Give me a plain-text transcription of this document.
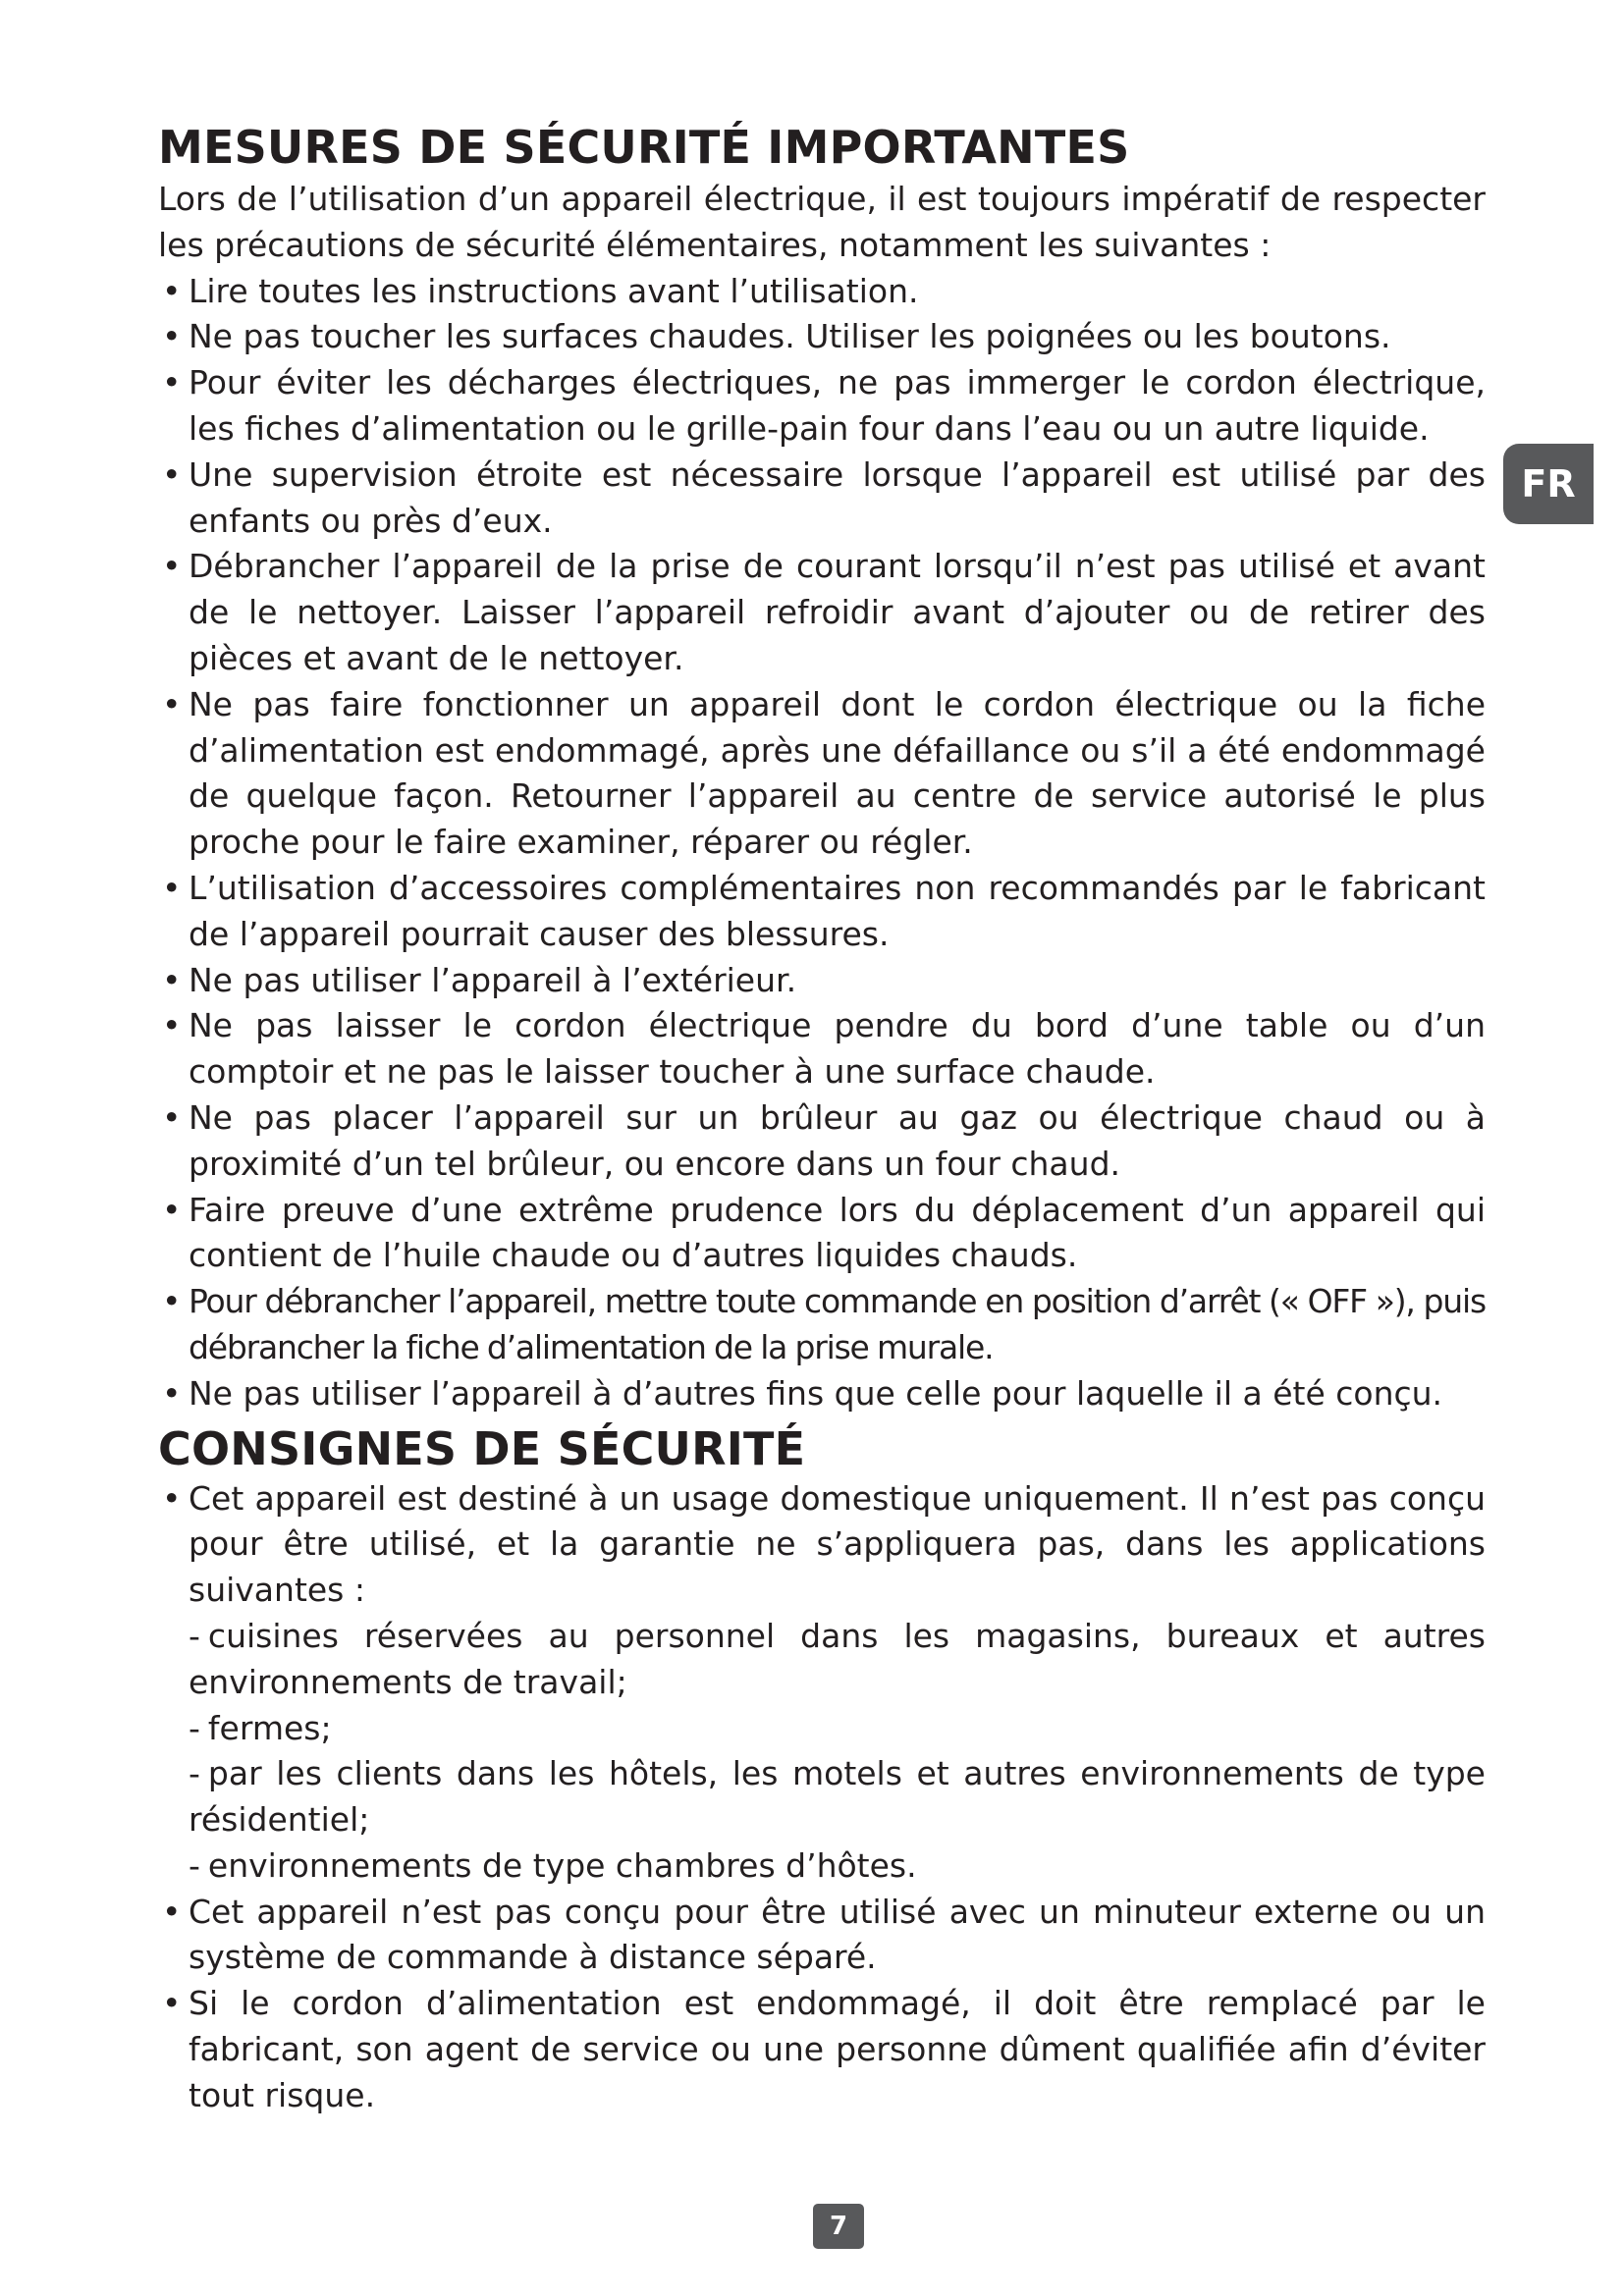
MESURES DE SÉCURITÉ IMPORTANTES

Lors de l’utilisation d’un appareil électrique, il est toujours impératif de respecter les précautions de sécurité élémentaires, notamment les suivantes :

• Lire toutes les instructions avant l’utilisation.
• Ne pas toucher les surfaces chaudes. Utiliser les poignées ou les boutons.
• Pour éviter les décharges électriques, ne pas immerger le cordon électrique, les fiches d’alimentation ou le grille-pain four dans l’eau ou un autre liquide.
• Une supervision étroite est nécessaire lorsque l’appareil est utilisé par des enfants ou près d’eux.
• Débrancher l’appareil de la prise de courant lorsqu’il n’est pas utilisé et avant de le nettoyer. Laisser l’appareil refroidir avant d’ajouter ou de retirer des pièces et avant de le nettoyer.
• Ne pas faire fonctionner un appareil dont le cordon électrique ou la fiche d’alimentation est endommagé, après une défaillance ou s’il a été endommagé de quelque façon. Retourner l’appareil au centre de service autorisé le plus proche pour le faire examiner, réparer ou régler.
• L’utilisation d’accessoires complémentaires non recommandés par le fabricant de l’appareil pourrait causer des blessures.
• Ne pas utiliser l’appareil à l’extérieur.
• Ne pas laisser le cordon électrique pendre du bord d’une table ou d’un comptoir et ne pas le laisser toucher à une surface chaude.
• Ne pas placer l’appareil sur un brûleur au gaz ou électrique chaud ou à proximité d’un tel brûleur, ou encore dans un four chaud.
• Faire preuve d’une extrême prudence lors du déplacement d’un appareil qui contient de l’huile chaude ou d’autres liquides chauds.
• Pour débrancher l’appareil, mettre toute commande en position d’arrêt (« OFF »), puis débrancher la fiche d’alimentation de la prise murale.
• Ne pas utiliser l’appareil à d’autres fins que celle pour laquelle il a été conçu.
CONSIGNES DE SÉCURITÉ
• Cet appareil est destiné à un usage domestique uniquement. Il n’est pas conçu pour être utilisé, et la garantie ne s’appliquera pas, dans les applications suivantes :
- cuisines réservées au personnel dans les magasins, bureaux et autres environnements de travail;
- fermes;
- par les clients dans les hôtels, les motels et autres environnements de type résidentiel;
- environnements de type chambres d’hôtes.
• Cet appareil n’est pas conçu pour être utilisé avec un minuteur externe ou un système de commande à distance séparé.
• Si le cordon d’alimentation est endommagé, il doit être remplacé par le fabricant, son agent de service ou une personne dûment qualifiée afin d’éviter tout risque.
FR
7
